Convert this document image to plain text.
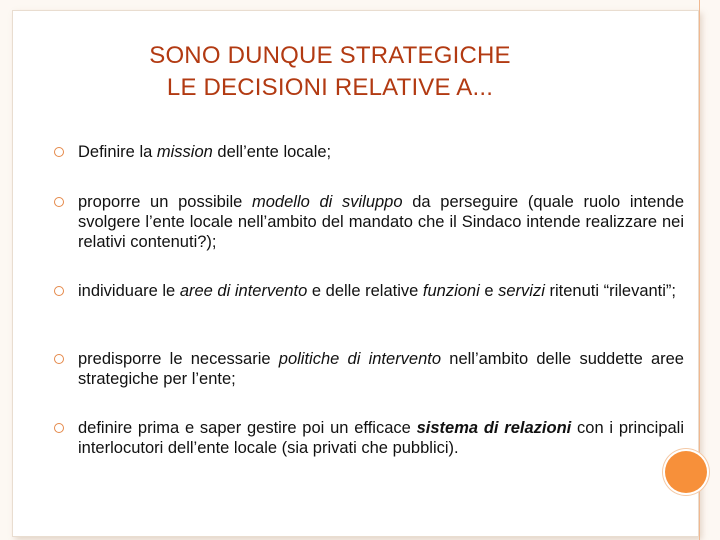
SONO DUNQUE STRATEGICHE
LE DECISIONI RELATIVE A...
Definire la mission dell’ente locale;
proporre un possibile modello di sviluppo da perseguire (quale ruolo intende svolgere l’ente locale nell’ambito del mandato che il Sindaco intende realizzare nei relativi contenuti?);
individuare le aree di intervento e delle relative funzioni e servizi ritenuti “rilevanti”;
predisporre le necessarie politiche di intervento nell’ambito delle suddette aree strategiche per l’ente;
definire prima e saper gestire poi un efficace sistema di relazioni con i principali interlocutori dell’ente locale (sia privati che pubblici).
